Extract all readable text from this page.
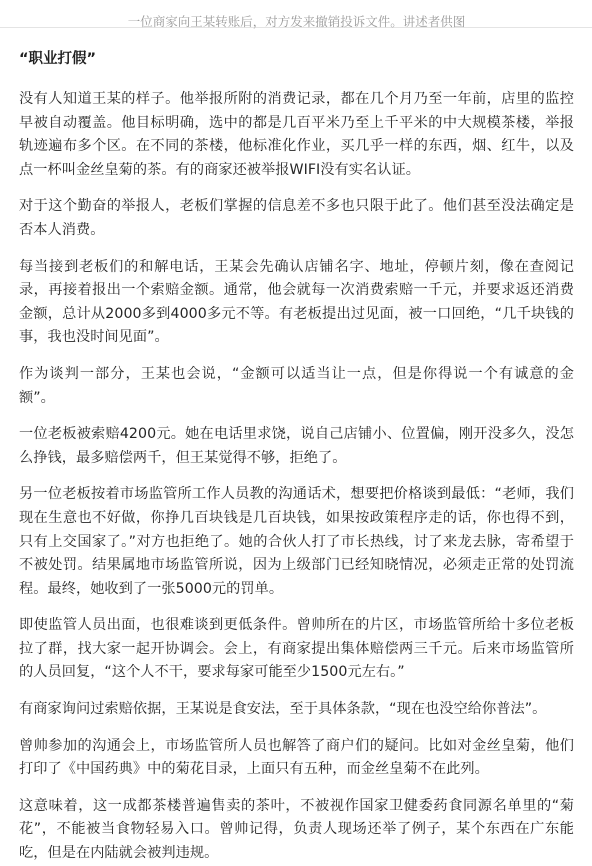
一位商家向王某转账后，对方发来撤销投诉文件。讲述者供图
“职业打假”

没有人知道王某的样子。他举报所附的消费记录，都在几个月乃至一年前，店里的监控早被自动覆盖。他目标明确，选中的都是几百平米乃至上千平米的中大规模茶楼，举报轨迹遍布多个区。在不同的茶楼，他标准化作业，买几乎一样的东西，烟、红牛，以及点一杯叫金丝皇菊的茶。有的商家还被举报WIFI没有实名认证。

对于这个勤奋的举报人，老板们掌握的信息差不多也只限于此了。他们甚至没法确定是否本人消费。

每当接到老板们的和解电话，王某会先确认店铺名字、地址，停顿片刻，像在查阅记录，再接着报出一个索赔金额。通常，他会就每一次消费索赔一千元，并要求返还消费金额，总计从2000多到4000多元不等。有老板提出过见面，被一口回绝，“几千块钱的事，我也没时间见面”。

作为谈判一部分，王某也会说，“金额可以适当让一点，但是你得说一个有诚意的金额”。

一位老板被索赔4200元。她在电话里求饶，说自己店铺小、位置偏，刚开没多久，没怎么挣钱，最多赔偿两千，但王某觉得不够，拒绝了。

另一位老板按着市场监管所工作人员教的沟通话术，想要把价格谈到最低：“老师，我们现在生意也不好做，你挣几百块钱是几百块钱，如果按政策程序走的话，你也得不到，只有上交国家了。”对方也拒绝了。她的合伙人打了市长热线，讨了来龙去脉，寄希望于不被处罚。结果属地市场监管所说，因为上级部门已经知晓情况，必须走正常的处罚流程。最终，她收到了一张5000元的罚单。

即使监管人员出面，也很难谈到更低条件。曾帅所在的片区，市场监管所给十多位老板拉了群，找大家一起开协调会。会上，有商家提出集体赔偿两三千元。后来市场监管所的人员回复，“这个人不干，要求每家可能至少1500元左右。”

有商家询问过索赔依据，王某说是食安法，至于具体条款，“现在也没空给你普法”。

曾帅参加的沟通会上，市场监管所人员也解答了商户们的疑问。比如对金丝皇菊，他们打印了《中国药典》中的菊花目录，上面只有五种，而金丝皇菊不在此列。

这意味着，这一成都茶楼普遍售卖的茶叶，不被视作国家卫健委药食同源名单里的“菊花”，不能被当食物轻易入口。曾帅记得，负责人现场还举了例子，某个东西在广东能吃，但是在内陆就会被判违规。
